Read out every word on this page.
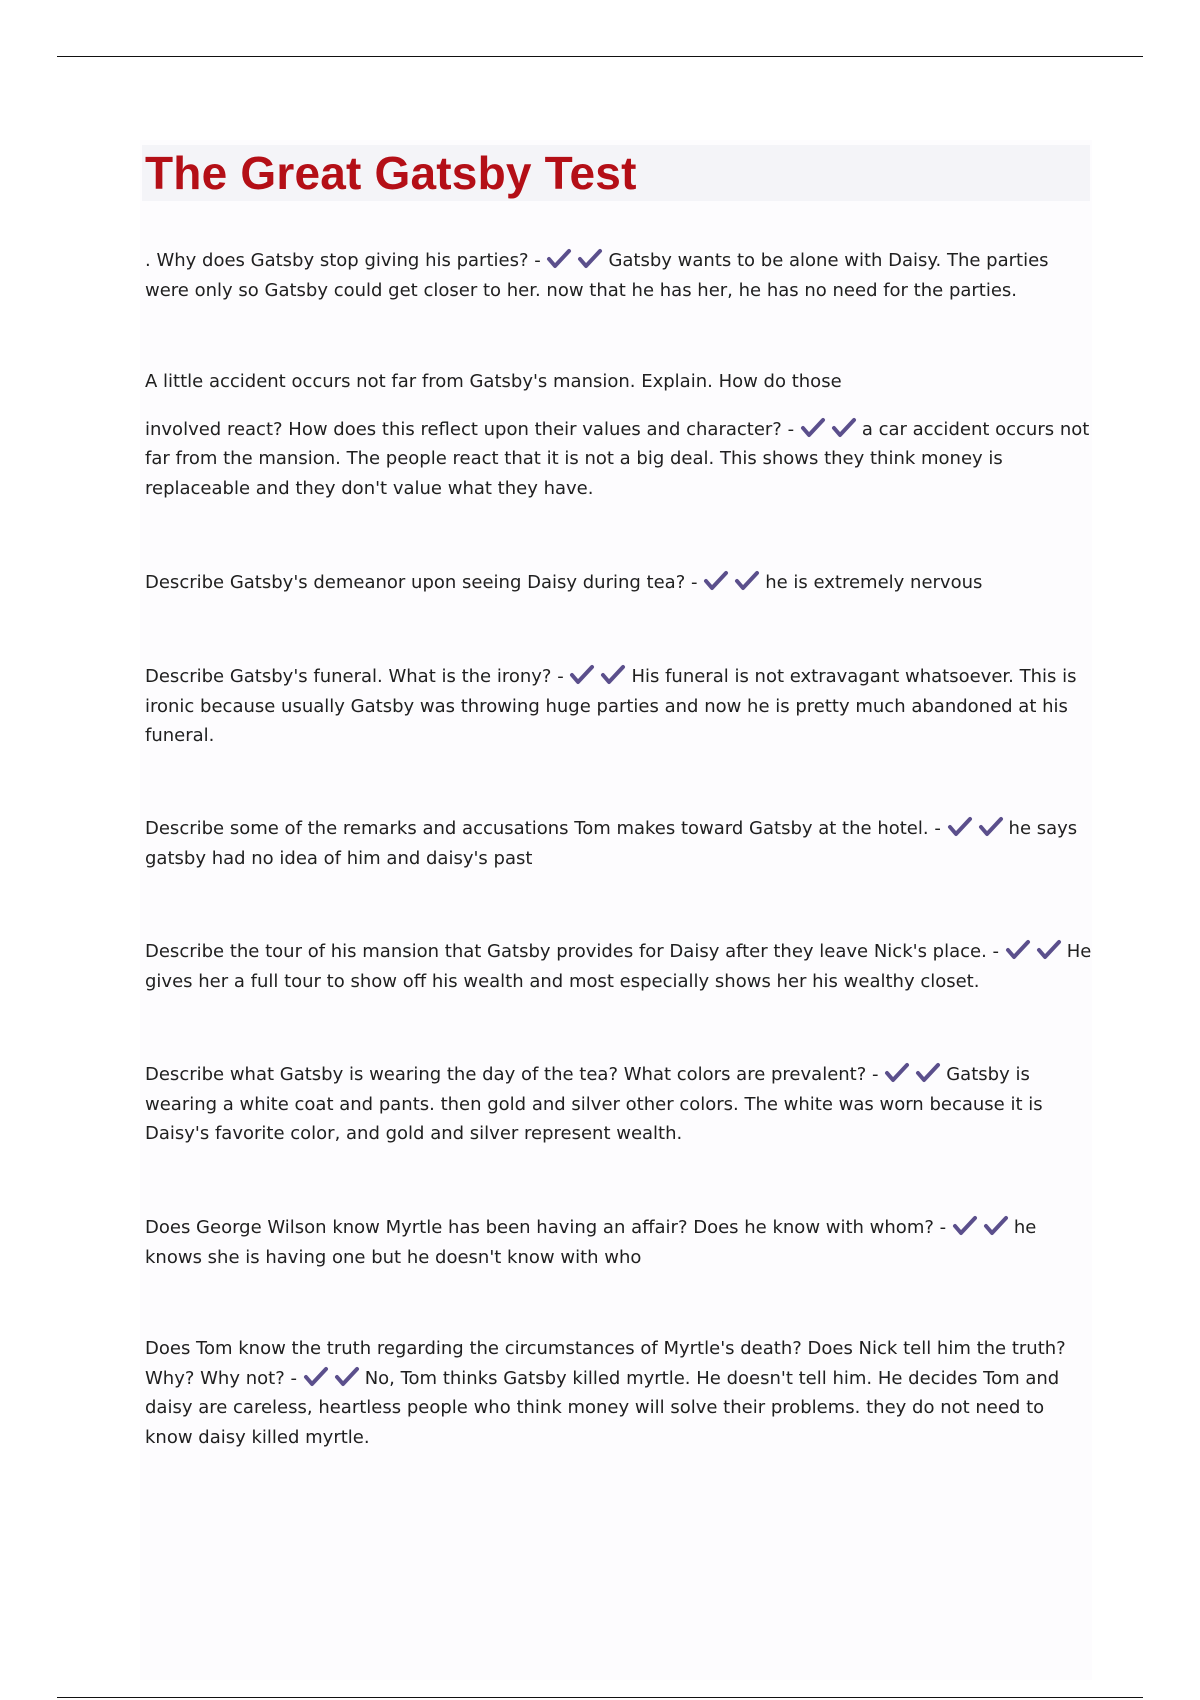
The Great Gatsby Test

. Why does Gatsby stop giving his parties? -	Gatsby wants to be alone with Daisy. The parties were only so Gatsby could get closer to her. now that he has her, he has no need for the parties.

A little accident occurs not far from Gatsby's mansion. Explain. How do those
involved react? How does this reflect upon their values and character? -	a car accident occurs not far from the mansion. The people react that it is not a big deal. This shows they think money is replaceable and they don't value what they have.

Describe Gatsby's demeanor upon seeing Daisy during tea? -	he is extremely nervous

Describe Gatsby's funeral. What is the irony? -	His funeral is not extravagant whatsoever. This is ironic because usually Gatsby was throwing huge parties and now he is pretty much abandoned at his funeral.

Describe some of the remarks and accusations Tom makes toward Gatsby at the hotel. -	he says gatsby had no idea of him and daisy's past

Describe the tour of his mansion that Gatsby provides for Daisy after they leave Nick's place. -	He gives her a full tour to show off his wealth and most especially shows her his wealthy closet.

Describe what Gatsby is wearing the day of the tea? What colors are prevalent? -	Gatsby is wearing a white coat and pants. then gold and silver other colors. The white was worn because it is Daisy's favorite color, and gold and silver represent wealth.

Does George Wilson know Myrtle has been having an affair? Does he know with whom? -	he knows she is having one but he doesn't know with who

Does Tom know the truth regarding the circumstances of Myrtle's death? Does Nick tell him the truth? Why? Why not? -	No, Tom thinks Gatsby killed myrtle. He doesn't tell him. He decides Tom and daisy are careless, heartless people who think money will solve their problems. they do not need to know daisy killed myrtle.
